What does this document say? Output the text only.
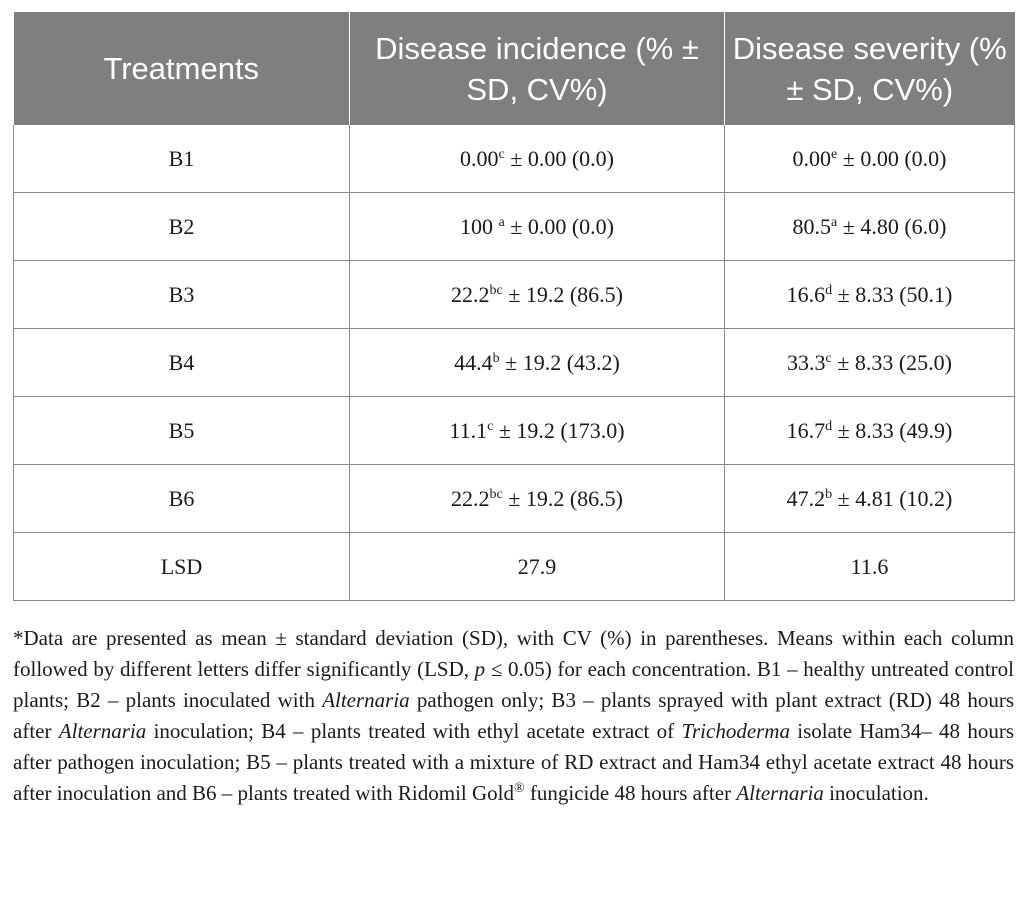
Treatments	Disease incidence (% ± SD, CV%)	Disease severity (% ± SD, CV%)
B1	0.00$^c$ ± 0.00 (0.0)	0.00$^e$ ± 0.00 (0.0)
B2	100 $^a$ ± 0.00 (0.0)	80.5$^a$ ± 4.80 (6.0)
B3	22.2$^{bc}$ ± 19.2 (86.5)	16.6$^d$ ± 8.33 (50.1)
B4	44.4$^b$ ± 19.2 (43.2)	33.3$^c$ ± 8.33 (25.0)
B5	11.1$^c$ ± 19.2 (173.0)	16.7$^d$ ± 8.33 (49.9)
B6	22.2$^{bc}$ ± 19.2 (86.5)	47.2$^b$ ± 4.81 (10.2)
LSD	27.9	11.6
*Data are presented as mean ± standard deviation (SD), with CV (%) in parentheses. Means within each column followed by different letters differ significantly (LSD, p ≤ 0.05) for each concentration. B1 – healthy untreated control plants; B2 – plants inoculated with Alternaria pathogen only; B3 – plants sprayed with plant extract (RD) 48 hours after Alternaria inoculation; B4 – plants treated with ethyl acetate extract of Trichoderma isolate Ham34– 48 hours after pathogen inoculation; B5 – plants treated with a mixture of RD extract and Ham34 ethyl acetate extract 48 hours after inoculation and B6 – plants treated with Ridomil Gold® fungicide 48 hours after Alternaria inoculation.
